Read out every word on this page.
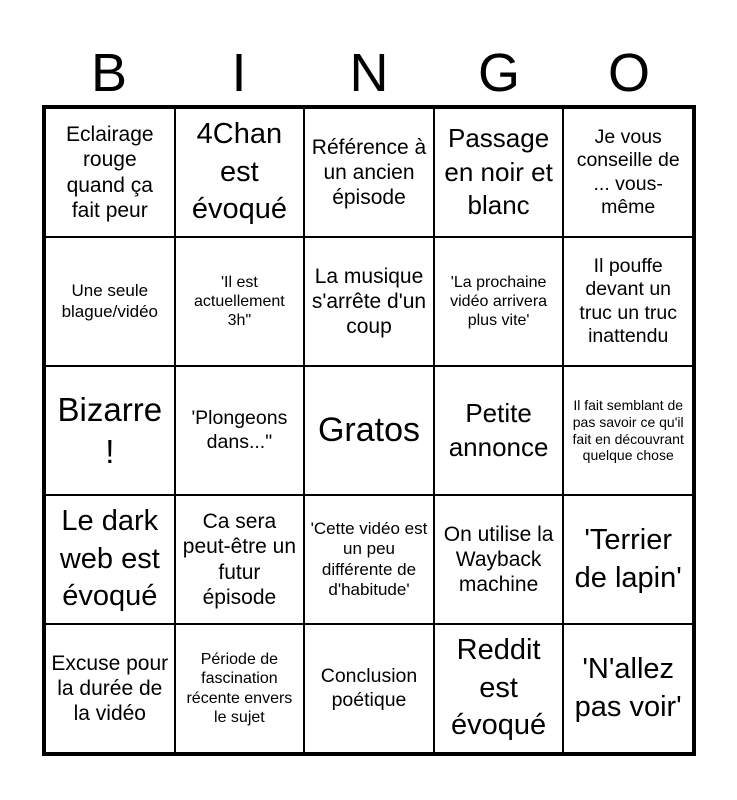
B	I	N	G	O
Eclairage rouge quand ça fait peur
4Chan est évoqué
Référence à un ancien épisode
Passage en noir et blanc
Je vous conseille de ... vous-même
Une seule blague/vidéo
'Il est actuellement 3h"
La musique s'arrête d'un coup
'La prochaine vidéo arrivera plus vite'
Il pouffe devant un truc un truc inattendu
Bizarre !
'Plongeons dans..."	Gratos	Petite annonce
Il fait semblant de pas savoir ce qu'il fait en découvrant quelque chose
Le dark web est évoqué
Ca sera peut-être un futur épisode
'Cette vidéo est un peu différente de d'habitude'
On utilise la Wayback machine
'Terrier de lapin'
Excuse pour la durée de la vidéo
Période de fascination récente envers le sujet
Conclusion poétique
Reddit est évoqué
'N'allez pas voir'
